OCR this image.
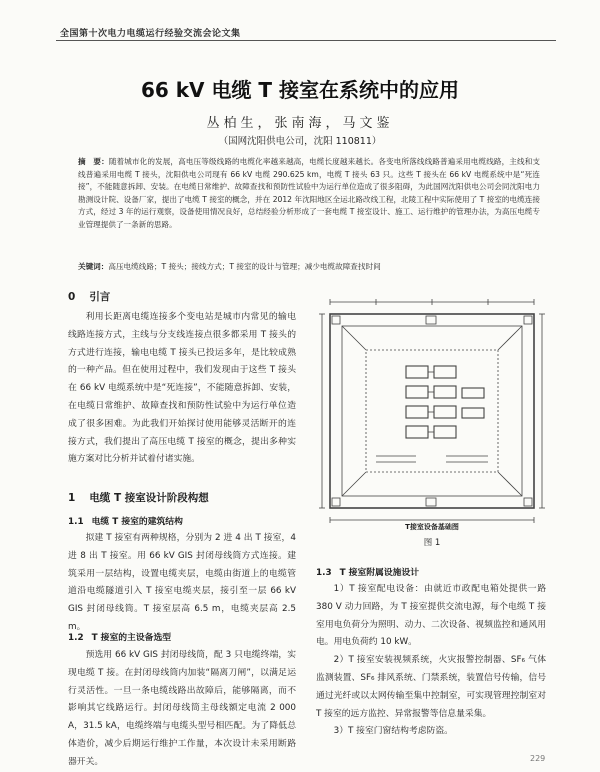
全国第十次电力电缆运行经验交流会论文集
66 kV 电缆 T 接室在系统中的应用
丛柏生，张南海，马文鉴
（国网沈阳供电公司，沈阳 110811）
摘　要：随着城市化的发展，高电压等级线路的电缆化率越来越高，电缆长度越来越长。各变电所落线线路普遍采用电缆线路，主线和支线普遍采用电缆 T 接头，沈阳供电公司现有 66 kV 电缆 290.625 km，电缆 T 接头 63 只。这些 T 接头在 66 kV 电缆系统中是“死连接”，不能随意拆卸、安装。在电缆日常维护、故障查找和预防性试验中为运行单位造成了很多阻碍，为此国网沈阳供电公司会同沈阳电力勘测设计院、设备厂家，提出了电缆 T 接室的概念，并在 2012 年沈阳地区全运北路改线工程，北陵工程中实际使用了 T 接室的电缆连接方式，经过 3 年的运行观察，设备使用情况良好，总结经验分析形成了一套电缆 T 接室设计、施工、运行维护的管理办法，为高压电缆专业管理提供了一条新的思路。
关键词：高压电缆线路；T 接头；接线方式；T 接室的设计与管理；减少电缆故障查找时间
0 引言

利用长距离电缆连接多个变电站是城市内常见的输电线路连接方式，主线与分支线连接点很多都采用 T 接头的方式进行连接，输电电缆 T 接头已投运多年，是比较成熟的一种产品。但在使用过程中，我们发现由于这些 T 接头在 66 kV 电缆系统中是“死连接”，不能随意拆卸、安装，在电缆日常维护、故障查找和预防性试验中为运行单位造成了很多困难。为此我们开始探讨使用能够灵活断开的连接方式，我们提出了高压电缆 T 接室的概念，提出多种实施方案对比分析并试着付诸实施。

1 电缆 T 接室设计阶段构想
1.1 电缆 T 接室的建筑结构

拟建 T 接室有两种规格，分别为 2 进 4 出 T 接室，4 进 8 出 T 接室。用 66 kV GIS 封闭母线筒方式连接。建筑采用一层结构，设置电缆夹层，电缆由街道上的电缆管道沿电缆隧道引入 T 接室电缆夹层，接引至一层 66 kV GIS 封闭母线筒。T 接室层高 6.5 m，电缆夹层高 2.5 m。

1.2 T 接室的主设备选型

预选用 66 kV GIS 封闭母线筒，配 3 只电缆终端，实现电缆 T 接。在封闭母线筒内加装“隔离刀闸”，以满足运行灵活性。一旦一条电缆线路出故障后，能够隔离，而不影响其它线路运行。封闭母线筒主母线额定电流 2 000 A，31.5 kA，电缆终端与电缆头型号相匹配。为了降低总体造价，减少后期运行维护工作量，本次设计未采用断路器开关。

T接室设备基础图
图 1
1.3 T 接室附属设施设计

1）T 接室配电设备：由就近市政配电箱处提供一路 380 V 动力回路，为 T 接室提供交流电源，每个电缆 T 接室用电负荷分为照明、动力、二次设备、视频监控和通风用电。用电负荷约 10 kW。

2）T 接室安装视频系统，火灾报警控制器、SF₆ 气体监测装置、SF₆ 排风系统、门禁系统，装置信号传输，信号通过光纤或以太网传输至集中控制室，可实现管理控制室对 T 接室的远方监控、异常报警等信息量采集。

3）T 接室门窗结构考虑防盗。

229
